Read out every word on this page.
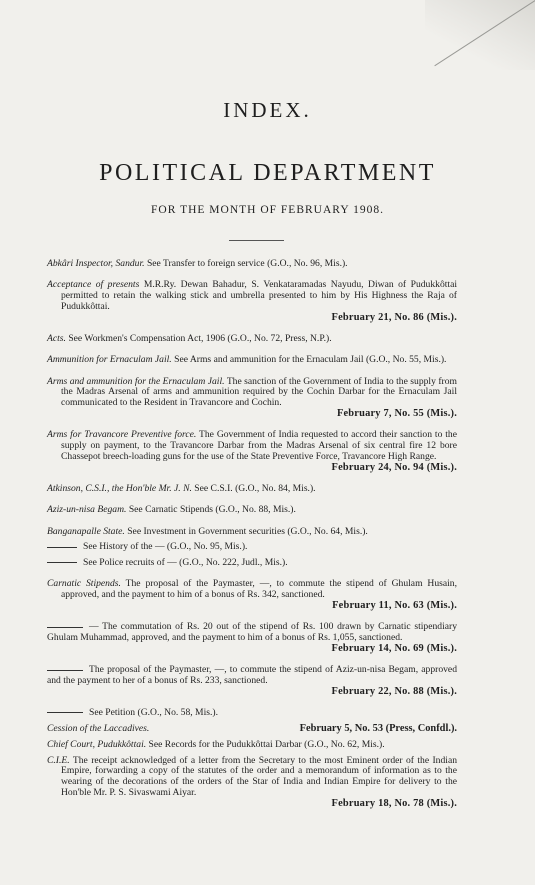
INDEX.
POLITICAL DEPARTMENT
FOR THE MONTH OF FEBRUARY 1908.
Abkâri Inspector, Sandur. See Transfer to foreign service (G.O., No. 96, Mis.).
Acceptance of presents M.R.Ry. Dewan Bahadur, S. Venkataramadas Nayudu, Diwan of Pudukkôttai permitted to retain the walking stick and umbrella presented to him by His Highness the Raja of Pudukkôttai.
February 21, No. 86 (Mis.).
Acts. See Workmen's Compensation Act, 1906 (G.O., No. 72, Press, N.P.).
Ammunition for Ernaculam Jail. See Arms and ammunition for the Ernaculam Jail (G.O., No. 55, Mis.).
Arms and ammunition for the Ernaculam Jail. The sanction of the Government of India to the supply from the Madras Arsenal of arms and ammunition required by the Cochin Darbar for the Ernaculam Jail communicated to the Resident in Travancore and Cochin.
February 7, No. 55 (Mis.).
Arms for Travancore Preventive force. The Government of India requested to accord their sanction to the supply on payment, to the Travancore Darbar from the Madras Arsenal of six central fire 12 bore Chassepot breech-loading guns for the use of the State Preventive Force, Travancore High Range.
February 24, No. 94 (Mis.).
Atkinson, C.S.I., the Hon'ble Mr. J. N. See C.S.I. (G.O., No. 84, Mis.).
Aziz-un-nisa Begam. See Carnatic Stipends (G.O., No. 88, Mis.).
Banganapalle State. See Investment in Government securities (G.O., No. 64, Mis.).
See History of the — (G.O., No. 95, Mis.).
See Police recruits of — (G.O., No. 222, Judl., Mis.).
Carnatic Stipends. The proposal of the Paymaster, —, to commute the stipend of Ghulam Husain, approved, and the payment to him of a bonus of Rs. 342, sanctioned.
February 11, No. 63 (Mis.).
— The commutation of Rs. 20 out of the stipend of Rs. 100 drawn by Carnatic stipendiary Ghulam Muhammad, approved, and the payment to him of a bonus of Rs. 1,055, sanctioned.
February 14, No. 69 (Mis.).
The proposal of the Paymaster, —, to commute the stipend of Aziz-un-nisa Begam, approved and the payment to her of a bonus of Rs. 233, sanctioned.
February 22, No. 88 (Mis.).
See Petition (G.O., No. 58, Mis.).
Cession of the Laccadives.	February 5, No. 53 (Press, Confdl.).
Chief Court, Pudukkôttai. See Records for the Pudukkôttai Darbar (G.O., No. 62, Mis.).
C.I.E. The receipt acknowledged of a letter from the Secretary to the most Eminent order of the Indian Empire, forwarding a copy of the statutes of the order and a memorandum of information as to the wearing of the decorations of the orders of the Star of India and Indian Empire for delivery to the Hon'ble Mr. P. S. Sivaswami Aiyar.
February 18, No. 78 (Mis.).
